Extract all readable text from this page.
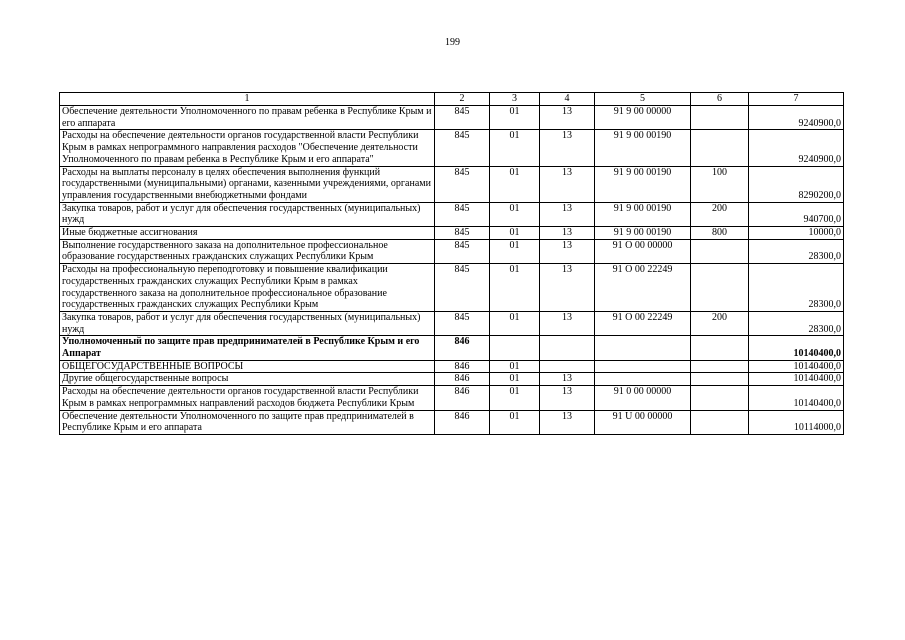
199
1	2	3	4	5	6	7
Обеспечение деятельности Уполномоченного по правам ребенка в Республике Крым и его аппарата	845	01	13	91 9 00 00000		9240900,0
Расходы на обеспечение деятельности органов государственной власти Республики Крым в рамках непрограммного направления расходов "Обеспечение деятельности Уполномоченного по правам ребенка в Республике Крым и его аппарата"	845	01	13	91 9 00 00190		9240900,0
Расходы на выплаты персоналу в целях обеспечения выполнения функций государственными (муниципальными) органами, казенными учреждениями, органами управления государственными внебюджетными фондами	845	01	13	91 9 00 00190	100	8290200,0
Закупка товаров, работ и услуг для обеспечения государственных (муниципальных) нужд	845	01	13	91 9 00 00190	200	940700,0
Иные бюджетные ассигнования	845	01	13	91 9 00 00190	800	10000,0
Выполнение государственного заказа на дополнительное профессиональное образование государственных гражданских служащих Республики Крым	845	01	13	91 О 00 00000		28300,0
Расходы на профессиональную переподготовку и повышение квалификации государственных гражданских служащих Республики Крым в рамках государственного заказа на дополнительное профессиональное образование государственных гражданских служащих Республики Крым	845	01	13	91 О 00 22249		28300,0
Закупка товаров, работ и услуг для обеспечения государственных (муниципальных) нужд	845	01	13	91 О 00 22249	200	28300,0
Уполномоченный по защите прав предпринимателей в Республике Крым и его Аппарат	846					10140400,0
ОБЩЕГОСУДАРСТВЕННЫЕ ВОПРОСЫ	846	01				10140400,0
Другие общегосударственные вопросы	846	01	13			10140400,0
Расходы на обеспечение деятельности органов государственной власти Республики Крым в рамках непрограммных направлений расходов бюджета Республики Крым	846	01	13	91 0 00 00000		10140400,0
Обеспечение деятельности Уполномоченного по защите прав предпринимателей в Республике Крым и его аппарата	846	01	13	91 U 00 00000		10114000,0
